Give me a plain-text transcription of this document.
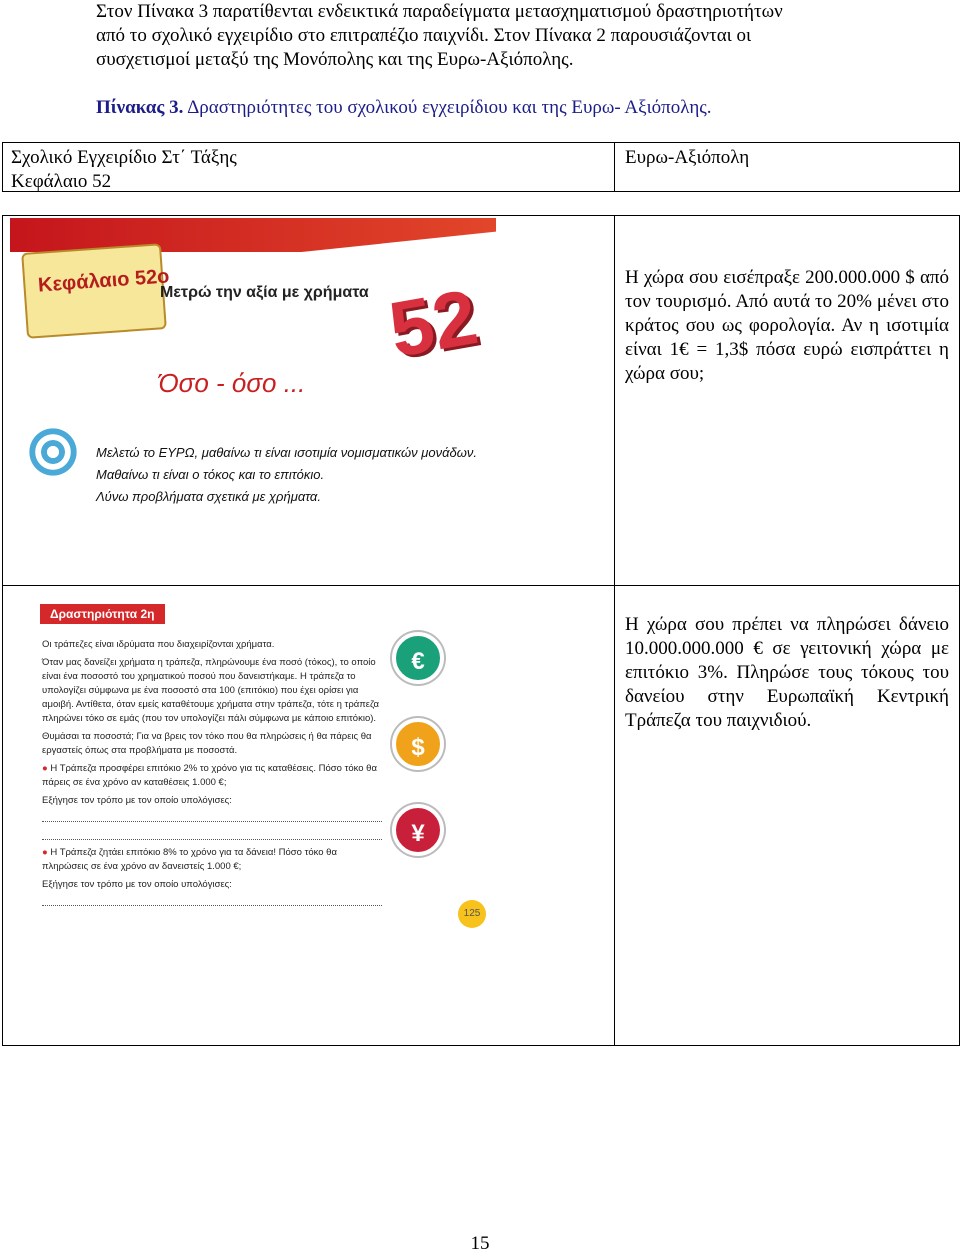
Στον Πίνακα 3 παρατίθενται ενδεικτικά παραδείγματα μετασχηματισμού δραστηριοτήτων

από το σχολικό εγχειρίδιο στο επιτραπέζιο παιχνίδι. Στον Πίνακα 2 παρουσιάζονται οι

συσχετισμοί μεταξύ της Μονόπολης και της Ευρω-Αξιόπολης.

Πίνακας 3. Δραστηριότητες του σχολικού εγχειρίδιου και της Ευρω- Αξιόπολης.
Σχολικό Εγχειρίδιο Στ΄ Τάξης
Κεφάλαιο 52
Ευρω-Αξιόπολη
Η χώρα σου εισέπραξε 200.000.000 $ από τον τουρισμό. Από αυτά το 20% μένει στο κράτος σου ως φορολογία. Αν η ισοτιμία είναι 1€ = 1,3$ πόσα ευρώ εισπράττει η χώρα σου;
Η χώρα σου πρέπει να πληρώσει δάνειο 10.000.000.000 € σε γειτονική χώρα με επιτόκιο 3%. Πληρώσε τους τόκους του δανείου στην Ευρωπαϊκή Κεντρική Τράπεζα του παιχνιδιού.
Κεφάλαιο 52ο
Μετρώ την αξία με χρήματα
Όσο - όσο ...
52
Μελετώ το ΕΥΡΩ, μαθαίνω τι είναι ισοτιμία νομισματικών μονάδων.
Μαθαίνω τι είναι ο τόκος και το επιτόκιο.
Λύνω προβλήματα σχετικά με χρήματα.
Δραστηριότητα 2η
Οι τράπεζες είναι ιδρύματα που διαχειρίζονται χρήματα.
Όταν μας δανείζει χρήματα η τράπεζα, πληρώνουμε ένα ποσό (τόκος), το οποίο είναι ένα ποσοστό του χρηματικού ποσού που δανειστήκαμε. Η τράπεζα το υπολογίζει σύμφωνα με ένα ποσοστό στα 100 (επιτόκιο) που έχει ορίσει για αμοιβή. Αντίθετα, όταν εμείς καταθέτουμε χρήματα στην τράπεζα, τότε η τράπεζα πληρώνει τόκο σε εμάς (που τον υπολογίζει πάλι σύμφωνα με κάποιο επιτόκιο).
Θυμάσαι τα ποσοστά; Για να βρεις τον τόκο που θα πληρώσεις ή θα πάρεις θα εργαστείς όπως στα προβλήματα με ποσοστά.
● Η Τράπεζα προσφέρει επιτόκιο 2% το χρόνο για τις καταθέσεις. Πόσο τόκο θα πάρεις σε ένα χρόνο αν καταθέσεις 1.000 €;
Εξήγησε τον τρόπο με τον οποίο υπολόγισες:
● Η Τράπεζα ζητάει επιτόκιο 8% το χρόνο για τα δάνεια! Πόσο τόκο θα πληρώσεις σε ένα χρόνο αν δανειστείς 1.000 €;
Εξήγησε τον τρόπο με τον οποίο υπολόγισες:
€
$
¥
125
15
